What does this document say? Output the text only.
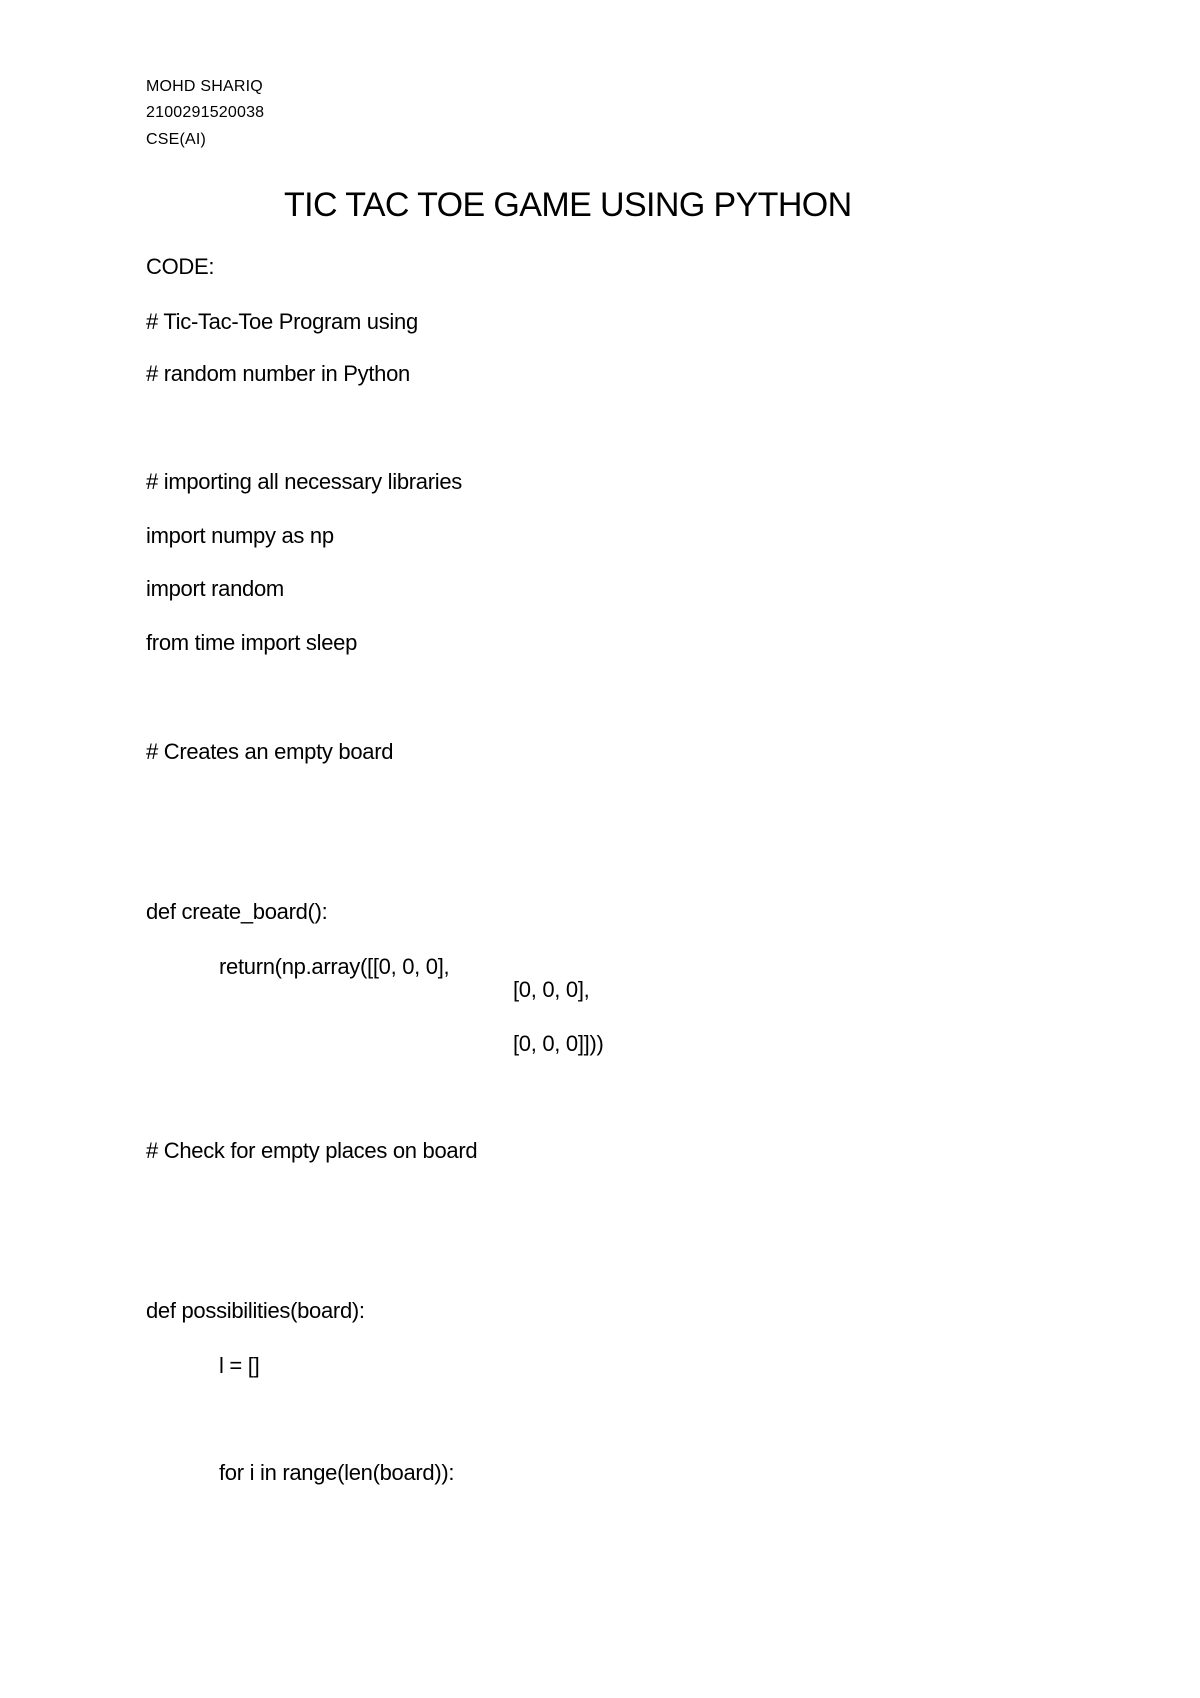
MOHD SHARIQ
2100291520038
CSE(AI)
TIC TAC TOE GAME USING PYTHON
CODE:
# Tic-Tac-Toe Program using
# random number in Python
# importing all necessary libraries
import numpy as np
import random
from time import sleep
# Creates an empty board
def create_board():
return(np.array([[0, 0, 0],
[0, 0, 0],
[0, 0, 0]]))
# Check for empty places on board
def possibilities(board):
l = []
for i in range(len(board)):
